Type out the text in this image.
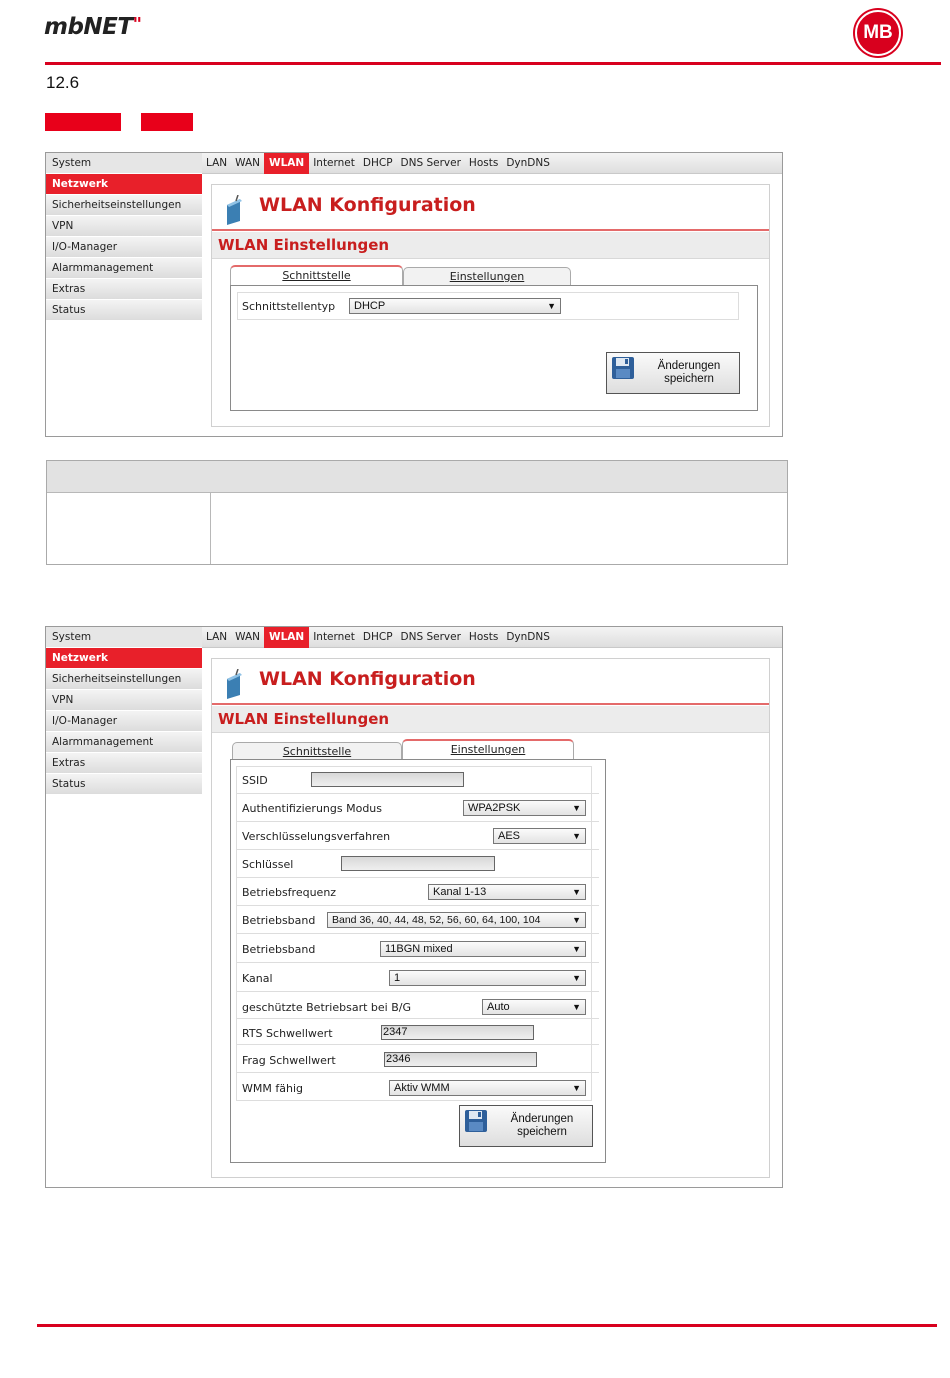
mbNET"	MB
12.6
System
Netzwerk
Sicherheitseinstellungen
VPN
I/O-Manager
Alarmmanagement
Extras
Status
LAN WAN WLAN Internet DHCP DNS Server Hosts DynDNS
WLAN Konfiguration
WLAN Einstellungen
Schnittstelle	Einstellungen
Schnittstellentyp	DHCP	▼
Änderungen
speichern
System
Netzwerk
Sicherheitseinstellungen
VPN
I/O-Manager
Alarmmanagement
Extras
Status
LAN WAN WLAN Internet DHCP DNS Server Hosts DynDNS
WLAN Konfiguration
WLAN Einstellungen
Schnittstelle	Einstellungen
SSID
Authentifizierungs Modus	WPA2PSK	▼
Verschlüsselungsverfahren	AES	▼
Schlüssel
Betriebsfrequenz	Kanal 1-13	▼
Betriebsband	Band 36, 40, 44, 48, 52, 56, 60, 64, 100, 104	▼
Betriebsband	11BGN mixed	▼
Kanal	1	▼
geschützte Betriebsart bei B/G	Auto	▼
RTS Schwellwert	2347
Frag Schwellwert	2346
WMM fähig	Aktiv WMM	▼
Änderungen
speichern
